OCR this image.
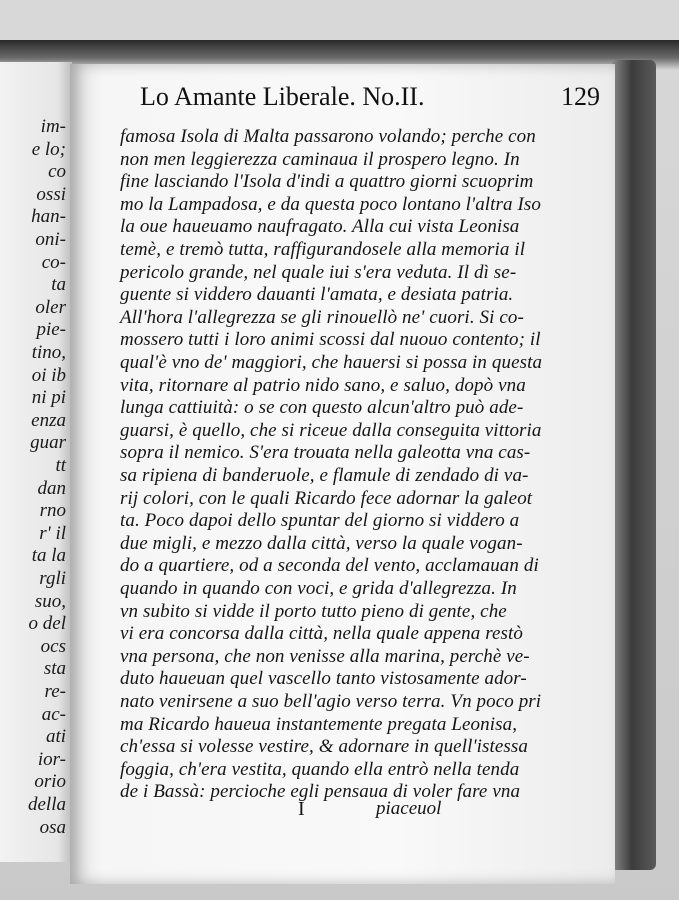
im-
e lo;
co
ossi
han-
oni-
co-
ta
oler
pie-
tino,
oi ib
ni pi
enza
guar
tt
dan
rno
r' il
ta la
rgli
suo,
o del
ocs
sta
re-
ac-
ati
ior-
orio
della
osa
Lo Amante Liberale. No.II.	129
famosa Isola di Malta passarono volando; perche con
non men leggierezza caminaua il prospero legno. In
fine lasciando l'Isola d'indi a quattro giorni scuoprim
mo la Lampadosa, e da questa poco lontano l'altra Iso
la oue haueuamo naufragato. Alla cui vista Leonisa
temè, e tremò tutta, raffigurandosele alla memoria il
pericolo grande, nel quale iui s'era veduta. Il dì se-
guente si viddero dauanti l'amata, e desiata patria.
All'hora l'allegrezza se gli rinouellò ne' cuori. Si co-
mossero tutti i loro animi scossi dal nuouo contento; il
qual'è vno de' maggiori, che hauersi si possa in questa
vita, ritornare al patrio nido sano, e saluo, dopò vna
lunga cattiuità: o se con questo alcun'altro può ade-
guarsi, è quello, che si riceue dalla conseguita vittoria
sopra il nemico. S'era trouata nella galeotta vna cas-
sa ripiena di banderuole, e flamule di zendado di va-
rij colori, con le quali Ricardo fece adornar la galeot
ta. Poco dapoi dello spuntar del giorno si viddero a
due migli, e mezzo dalla città, verso la quale vogan-
do a quartiere, od a seconda del vento, acclamauan di
quando in quando con voci, e grida d'allegrezza. In
vn subito si vidde il porto tutto pieno di gente, che
vi era concorsa dalla città, nella quale appena restò
vna persona, che non venisse alla marina, perchè ve-
duto haueuan quel vascello tanto vistosamente ador-
nato venirsene a suo bell'agio verso terra. Vn poco pri
ma Ricardo haueua instantemente pregata Leonisa,
ch'essa si volesse vestire, & adornare in quell'istessa
foggia, ch'era vestita, quando ella entrò nella tenda
de i Bassà: percioche egli pensaua di voler fare vna
I	piaceuol
